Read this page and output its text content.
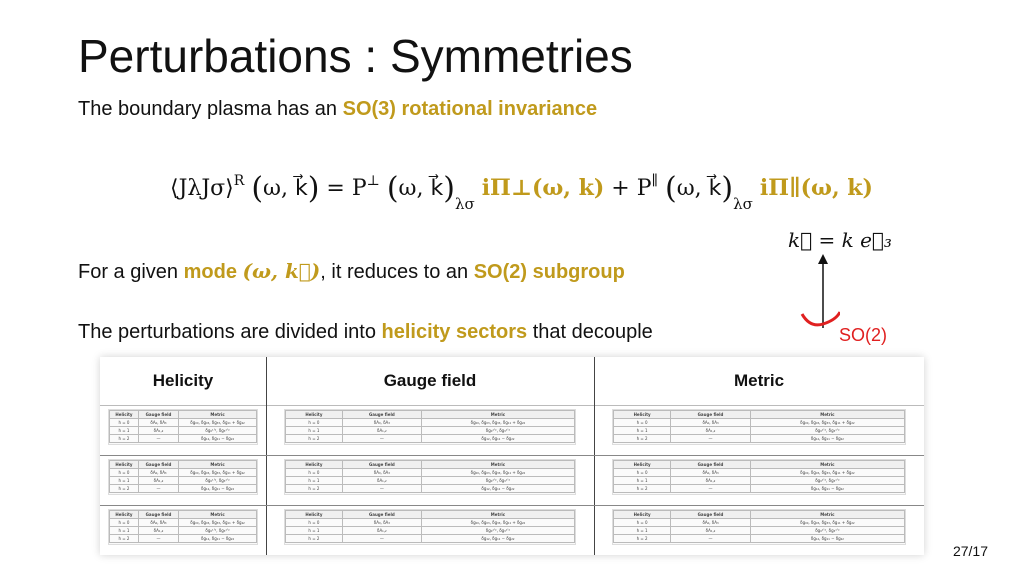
Perturbations : Symmetries
The boundary plasma has an SO(3) rotational invariance
⟨JλJσ⟩$^R$ (ω, k⃗) = P⊥ (ω, $k⃗)_{\lambda\sigma}$ iΠ⊥(ω, k) + P∥ (ω, $k⃗)_{\lambda\sigma}$ iΠ∥(ω, k)
k⃗ = k e⃗₃
SO(2)
For a given mode (ω, k⃗), it reduces to an SO(2) subgroup
The perturbations are divided into helicity sectors that decouple
Helicity	Gauge field	Metric
Helicity	Gauge field	Metric
h = 0	δA₀, δA₃	δg₀₀, δg₀₃, δg₃₃, δg₁₁ + δg₂₂
h = 1	δA₁,₂	δg₀¹'², δg₃¹'²
h = 2	—	δg₁₂, δg₁₁ − δg₂₂
Helicity	Gauge field	Metric
h = 0	δA₀, δA₃	δg₀₀, δg₀₃, δg₃₃, δg₁₁ + δg₂₂
h = 1	δA₁,₂	δg₀¹'², δg₃¹'²
h = 2	—	δg₁₂, δg₁₁ − δg₂₂
Helicity	Gauge field	Metric
h = 0	δA₀, δA₃	δg₀₀, δg₀₃, δg₃₃, δg₁₁ + δg₂₂
h = 1	δA₁,₂	δg₀¹'², δg₃¹'²
h = 2	—	δg₁₂, δg₁₁ − δg₂₂
Helicity	Gauge field	Metric
h = 0	δA₀, δA₃	δg₀₀, δg₀₃, δg₃₃, δg₁₁ + δg₂₂
h = 1	δA₁,₂	δg₀¹'², δg₃¹'²
h = 2	—	δg₁₂, δg₁₁ − δg₂₂
Helicity	Gauge field	Metric
h = 0	δA₀, δA₃	δg₀₀, δg₀₃, δg₃₃, δg₁₁ + δg₂₂
h = 1	δA₁,₂	δg₀¹'², δg₃¹'²
h = 2	—	δg₁₂, δg₁₁ − δg₂₂
Helicity	Gauge field	Metric
h = 0	δA₀, δA₃	δg₀₀, δg₀₃, δg₃₃, δg₁₁ + δg₂₂
h = 1	δA₁,₂	δg₀¹'², δg₃¹'²
h = 2	—	δg₁₂, δg₁₁ − δg₂₂
Helicity	Gauge field	Metric
h = 0	δA₀, δA₃	δg₀₀, δg₀₃, δg₃₃, δg₁₁ + δg₂₂
h = 1	δA₁,₂	δg₀¹'², δg₃¹'²
h = 2	—	δg₁₂, δg₁₁ − δg₂₂
Helicity	Gauge field	Metric
h = 0	δA₀, δA₃	δg₀₀, δg₀₃, δg₃₃, δg₁₁ + δg₂₂
h = 1	δA₁,₂	δg₀¹'², δg₃¹'²
h = 2	—	δg₁₂, δg₁₁ − δg₂₂
Helicity	Gauge field	Metric
h = 0	δA₀, δA₃	δg₀₀, δg₀₃, δg₃₃, δg₁₁ + δg₂₂
h = 1	δA₁,₂	δg₀¹'², δg₃¹'²
h = 2	—	δg₁₂, δg₁₁ − δg₂₂
27/17
